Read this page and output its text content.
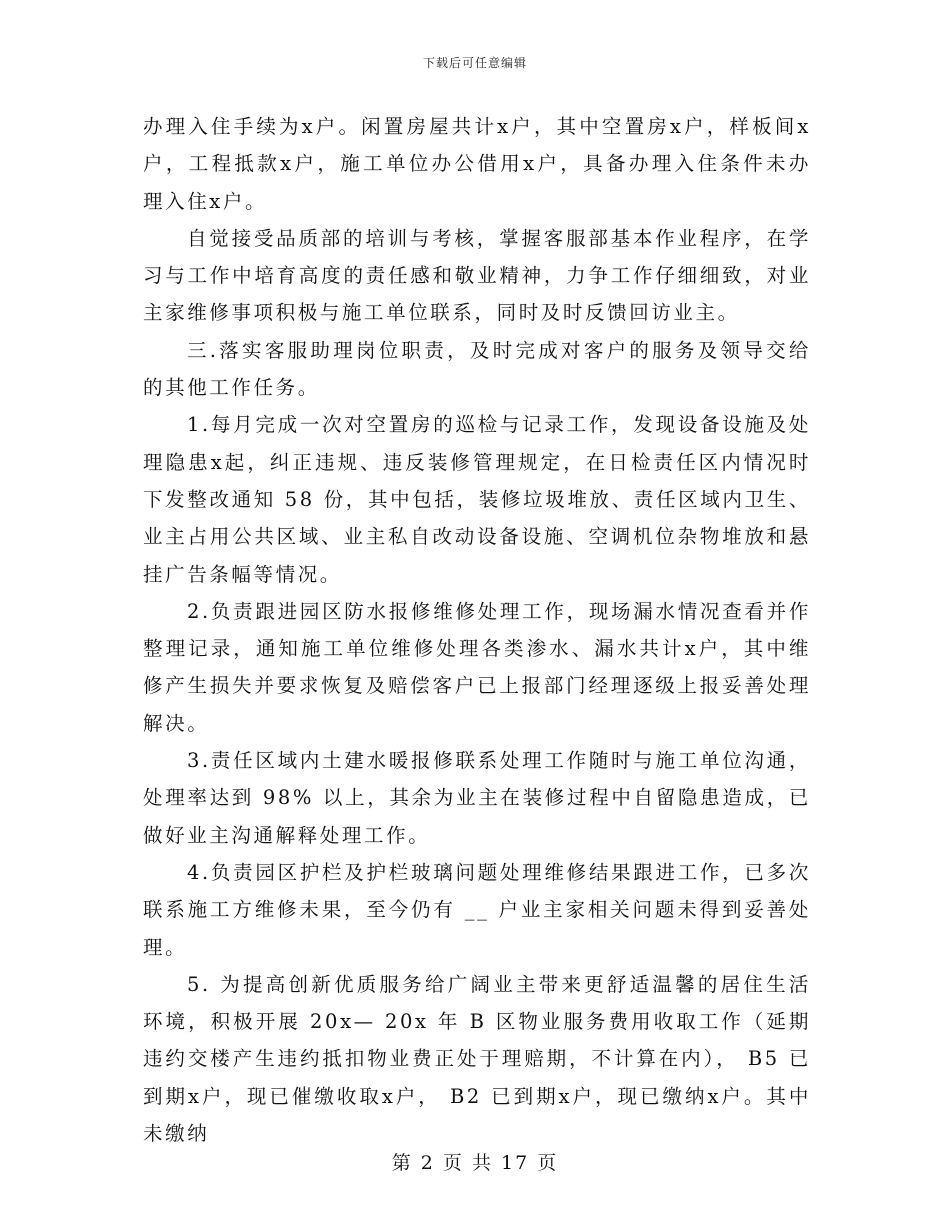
下载后可任意编辑

办理入住手续为x户。闲置房屋共计x户，其中空置房x户，样板间x户，工程抵款x户，施工单位办公借用x户，具备办理入住条件未办理入住x户。

自觉接受品质部的培训与考核，掌握客服部基本作业程序，在学习与工作中培育高度的责任感和敬业精神，力争工作仔细细致，对业主家维修事项积极与施工单位联系，同时及时反馈回访业主。

三.落实客服助理岗位职责，及时完成对客户的服务及领导交给的其他工作任务。

1.每月完成一次对空置房的巡检与记录工作，发现设备设施及处理隐患x起，纠正违规、违反装修管理规定，在日检责任区内情况时下发整改通知 58 份，其中包括，装修垃圾堆放、责任区域内卫生、业主占用公共区域、业主私自改动设备设施、空调机位杂物堆放和悬挂广告条幅等情况。

2.负责跟进园区防水报修维修处理工作，现场漏水情况查看并作整理记录，通知施工单位维修处理各类渗水、漏水共计x户，其中维修产生损失并要求恢复及赔偿客户已上报部门经理逐级上报妥善处理解决。

3.责任区域内土建水暖报修联系处理工作随时与施工单位沟通，处理率达到 98% 以上，其余为业主在装修过程中自留隐患造成，已做好业主沟通解释处理工作。

4.负责园区护栏及护栏玻璃问题处理维修结果跟进工作，已多次联系施工方维修未果，至今仍有 __ 户业主家相关问题未得到妥善处理。

5. 为提高创新优质服务给广阔业主带来更舒适温馨的居住生活环境，积极开展 20x— 20x 年 B 区物业服务费用收取工作（延期违约交楼产生违约抵扣物业费正处于理赔期，不计算在内）， B5 已到期x户，现已催缴收取x户， B2 已到期x户，现已缴纳x户。其中未缴纳

第 2 页 共 17 页
